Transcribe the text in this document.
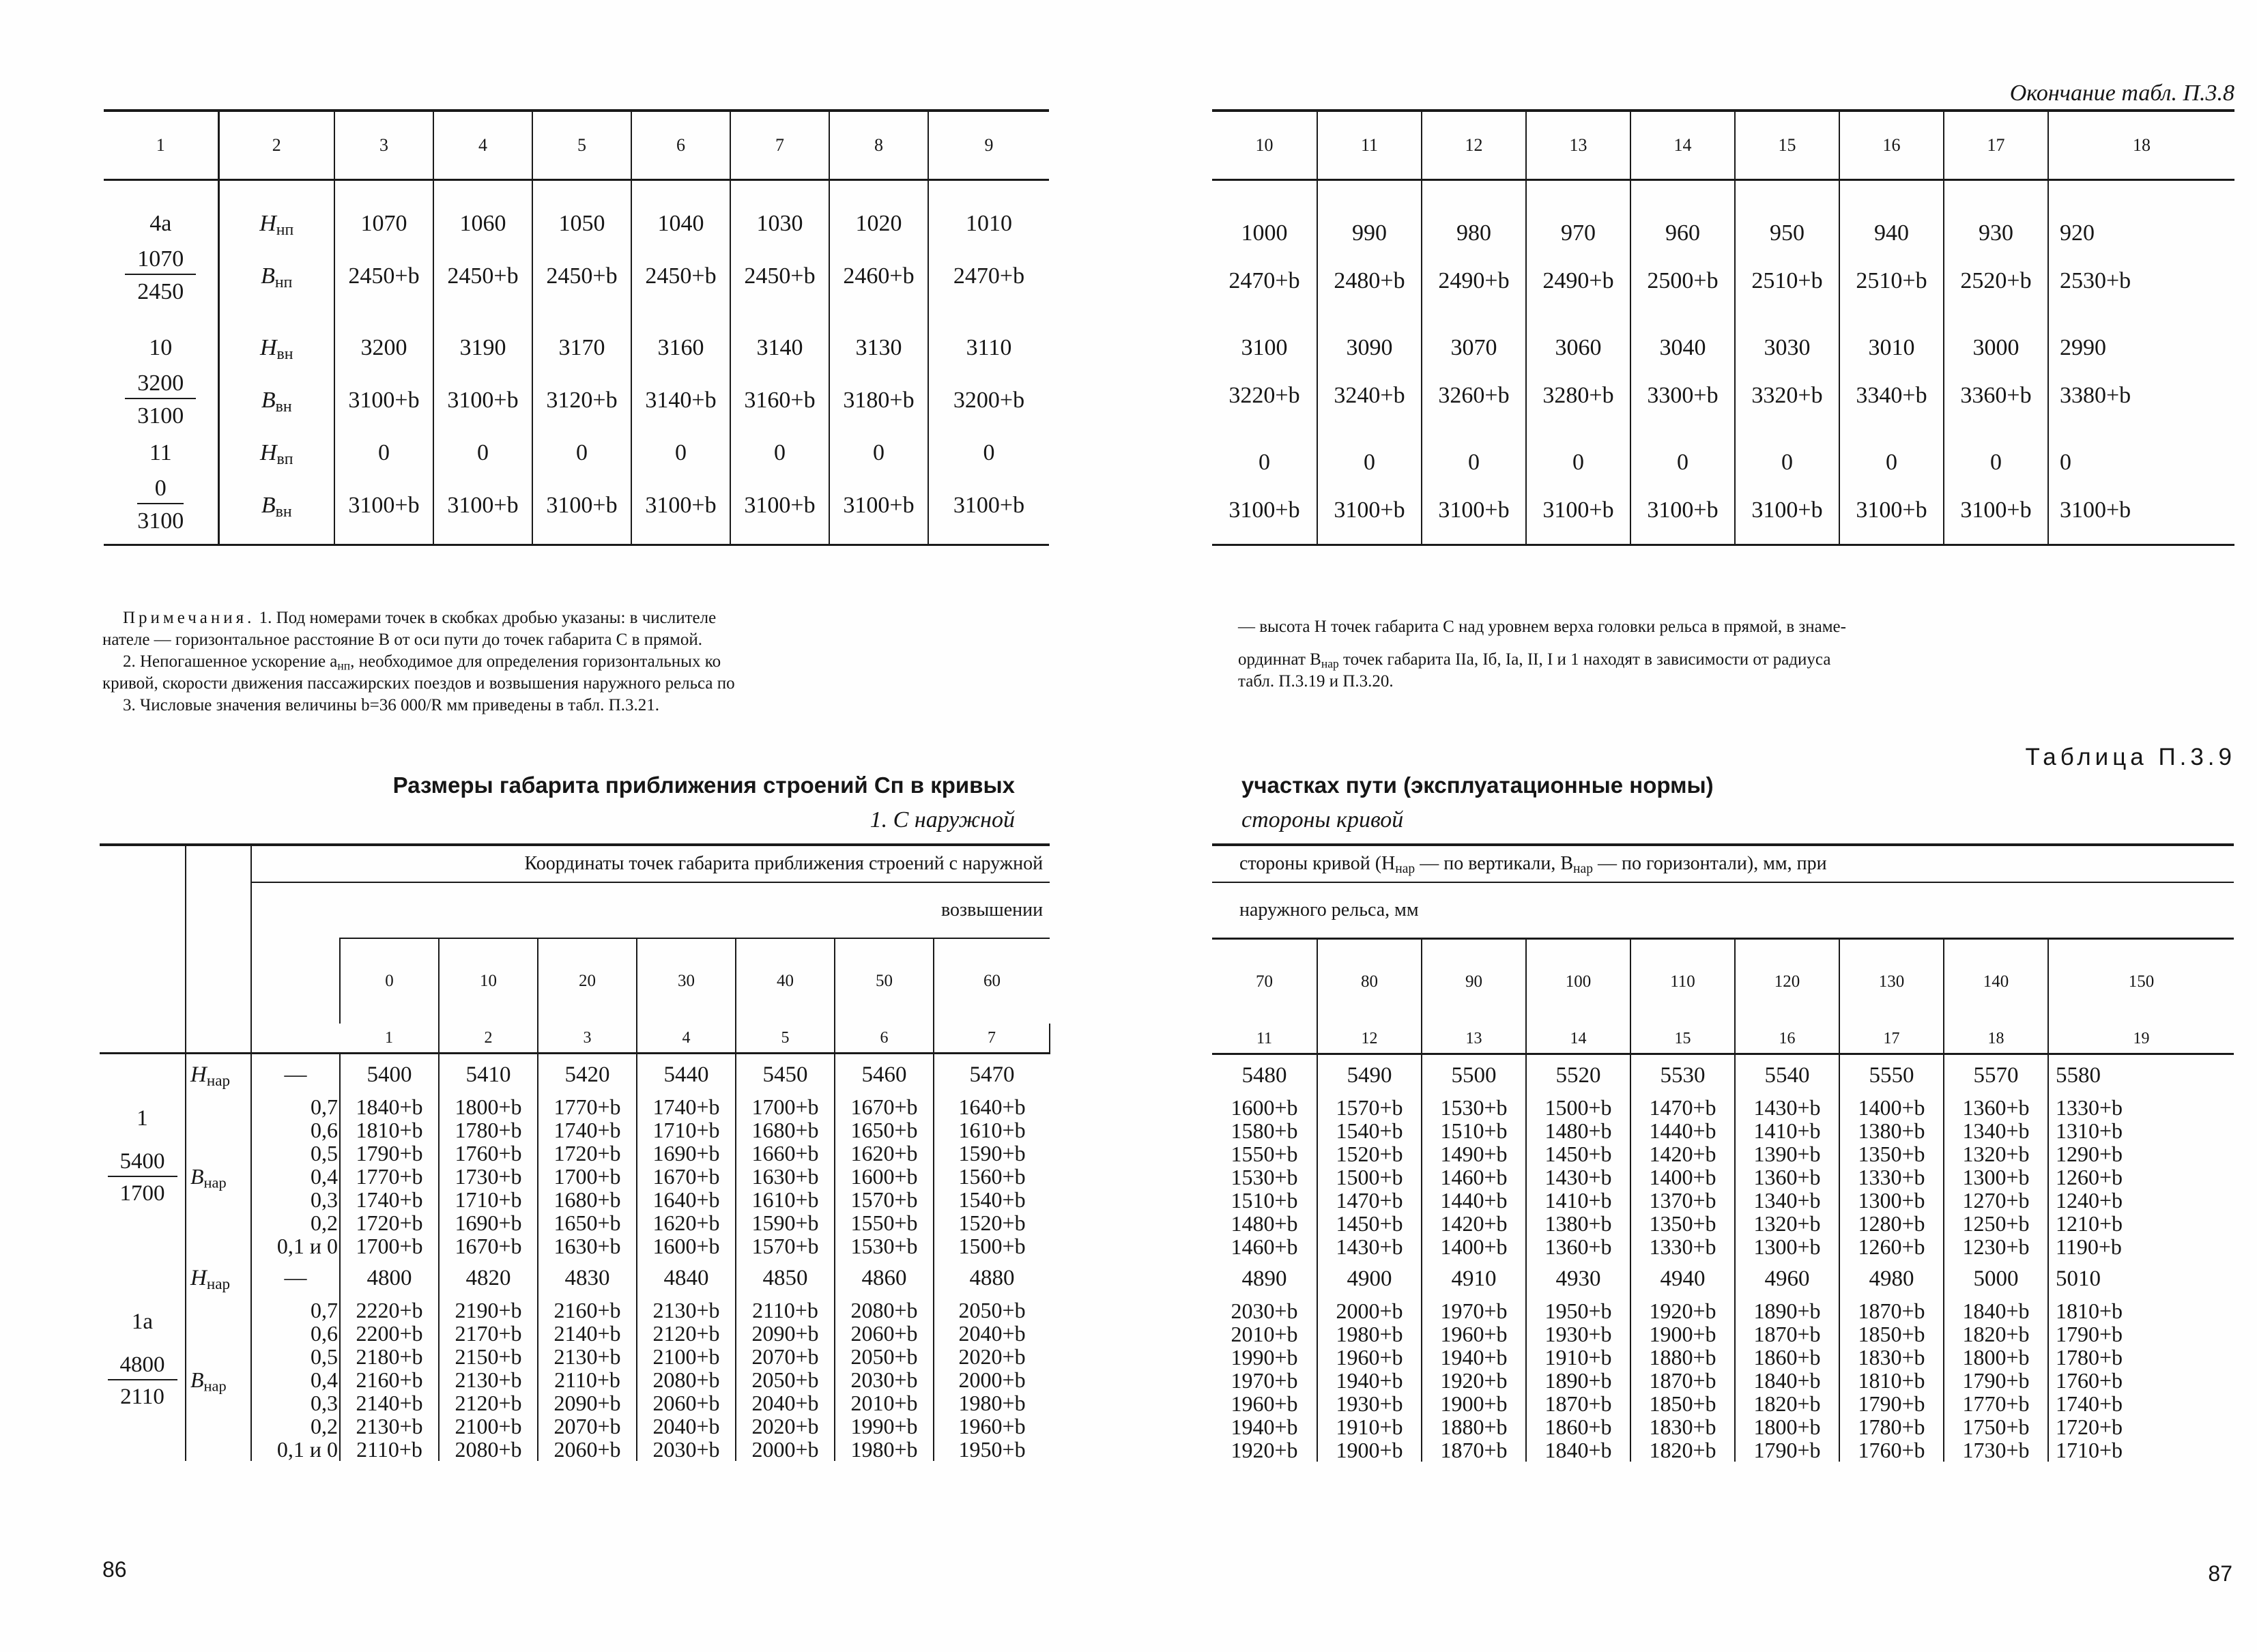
1	2	3	4	5	6	7	8	9
4а	$H_{нп}$	1070	1060	1050	1040	1030	1020	1010

$\frac{1070}{2450}$	$B_{нп}$	2450+b	2450+b	2450+b	2450+b	2450+b	2460+b	2470+b
10	$H_{вн}$	3200	3190	3170	3160	3140	3130	3110

$\frac{3200}{3100}$	$B_{вн}$	3100+b	3100+b	3120+b	3140+b	3160+b	3180+b	3200+b
11	$H_{вп}$	0	0	0	0	0	0	0

$\frac{0}{3100}$	$B_{вн}$	3100+b	3100+b	3100+b	3100+b	3100+b	3100+b	3100+b

Примечания. 1. Под номерами точек в скобках дробью указаны: в числителе

нателе — горизонтальное расстояние B от оси пути до точек габарита С в прямой.

2. Непогашенное ускорение $a_{нп}$, необходимое для определения горизонтальных ко

кривой, скорости движения пассажирских поездов и возвышения наружного рельса по

3. Числовые значения величины b=36 000/R мм приведены в табл. П.3.21.

Размеры габарита приближения строений Сп в кривых
1. С наружной
		Координаты точек габарита приближения строений с наружной								
	возвышении							
			0	10	20	30	40	50	60	
			1	2	3	4	5	6	7			

1
$\frac{5400}{1700}$	$H_{нар}$	—	5400	5410	5420	5440	5450	5460	5470	
	$B_{нар}$	0,7	1840+b	1800+b	1770+b	1740+b	1700+b	1670+b	1640+b	
		0,6	1810+b	1780+b	1740+b	1710+b	1680+b	1650+b	1610+b	
		0,5	1790+b	1760+b	1720+b	1690+b	1660+b	1620+b	1590+b	
		0,4	1770+b	1730+b	1700+b	1670+b	1630+b	1600+b	1560+b	
		0,3	1740+b	1710+b	1680+b	1640+b	1610+b	1570+b	1540+b	
		0,2	1720+b	1690+b	1650+b	1620+b	1590+b	1550+b	1520+b	
		0,1 и 0	1700+b	1670+b	1630+b	1600+b	1570+b	1530+b	1500+b	

1а
$\frac{4800}{2110}$	$H_{нар}$	—	4800	4820	4830	4840	4850	4860	4880	
	$B_{нар}$	0,7	2220+b	2190+b	2160+b	2130+b	2110+b	2080+b	2050+b	
		0,6	2200+b	2170+b	2140+b	2120+b	2090+b	2060+b	2040+b	
		0,5	2180+b	2150+b	2130+b	2100+b	2070+b	2050+b	2020+b	
		0,4	2160+b	2130+b	2110+b	2080+b	2050+b	2030+b	2000+b	
		0,3	2140+b	2120+b	2090+b	2060+b	2040+b	2010+b	1980+b	
		0,2	2130+b	2100+b	2070+b	2040+b	2020+b	1990+b	1960+b	
		0,1 и 0	2110+b	2080+b	2060+b	2030+b	2000+b	1980+b	1950+b	
86
Окончание табл. П.3.8
10	11	12	13	14	15	16	17	18
1000	990	980	970	960	950	940	930	920
2470+b	2480+b	2490+b	2490+b	2500+b	2510+b	2510+b	2520+b	2530+b
3100	3090	3070	3060	3040	3030	3010	3000	2990
3220+b	3240+b	3260+b	3280+b	3300+b	3320+b	3340+b	3360+b	3380+b
0	0	0	0	0	0	0	0	0
3100+b	3100+b	3100+b	3100+b	3100+b	3100+b	3100+b	3100+b	3100+b

— высота H точек габарита С над уровнем верха головки рельса в прямой, в знаме-

ординнат $B_{нар}$ точек габарита IIа, Iб, Iа, II, I и 1 находят в зависимости от радиуса

табл. П.3.19 и П.3.20.

Таблица П.3.9
участках пути (эксплуатационные нормы)
стороны кривой
стороны кривой ($H_{нар}$ — по вертикали, $B_{нар}$ — по горизонтали), мм, при								
наружного рельса, мм								
70	80	90	100	110	120	130	140	150
11	12	13	14	15	16	17	18	19
5480	5490	5500	5520	5530	5540	5550	5570	5580
1600+b	1570+b	1530+b	1500+b	1470+b	1430+b	1400+b	1360+b	1330+b
1580+b	1540+b	1510+b	1480+b	1440+b	1410+b	1380+b	1340+b	1310+b
1550+b	1520+b	1490+b	1450+b	1420+b	1390+b	1350+b	1320+b	1290+b
1530+b	1500+b	1460+b	1430+b	1400+b	1360+b	1330+b	1300+b	1260+b
1510+b	1470+b	1440+b	1410+b	1370+b	1340+b	1300+b	1270+b	1240+b
1480+b	1450+b	1420+b	1380+b	1350+b	1320+b	1280+b	1250+b	1210+b
1460+b	1430+b	1400+b	1360+b	1330+b	1300+b	1260+b	1230+b	1190+b
4890	4900	4910	4930	4940	4960	4980	5000	5010
2030+b	2000+b	1970+b	1950+b	1920+b	1890+b	1870+b	1840+b	1810+b
2010+b	1980+b	1960+b	1930+b	1900+b	1870+b	1850+b	1820+b	1790+b
1990+b	1960+b	1940+b	1910+b	1880+b	1860+b	1830+b	1800+b	1780+b
1970+b	1940+b	1920+b	1890+b	1870+b	1840+b	1810+b	1790+b	1760+b
1960+b	1930+b	1900+b	1870+b	1850+b	1820+b	1790+b	1770+b	1740+b
1940+b	1910+b	1880+b	1860+b	1830+b	1800+b	1780+b	1750+b	1720+b
1920+b	1900+b	1870+b	1840+b	1820+b	1790+b	1760+b	1730+b	1710+b
87
